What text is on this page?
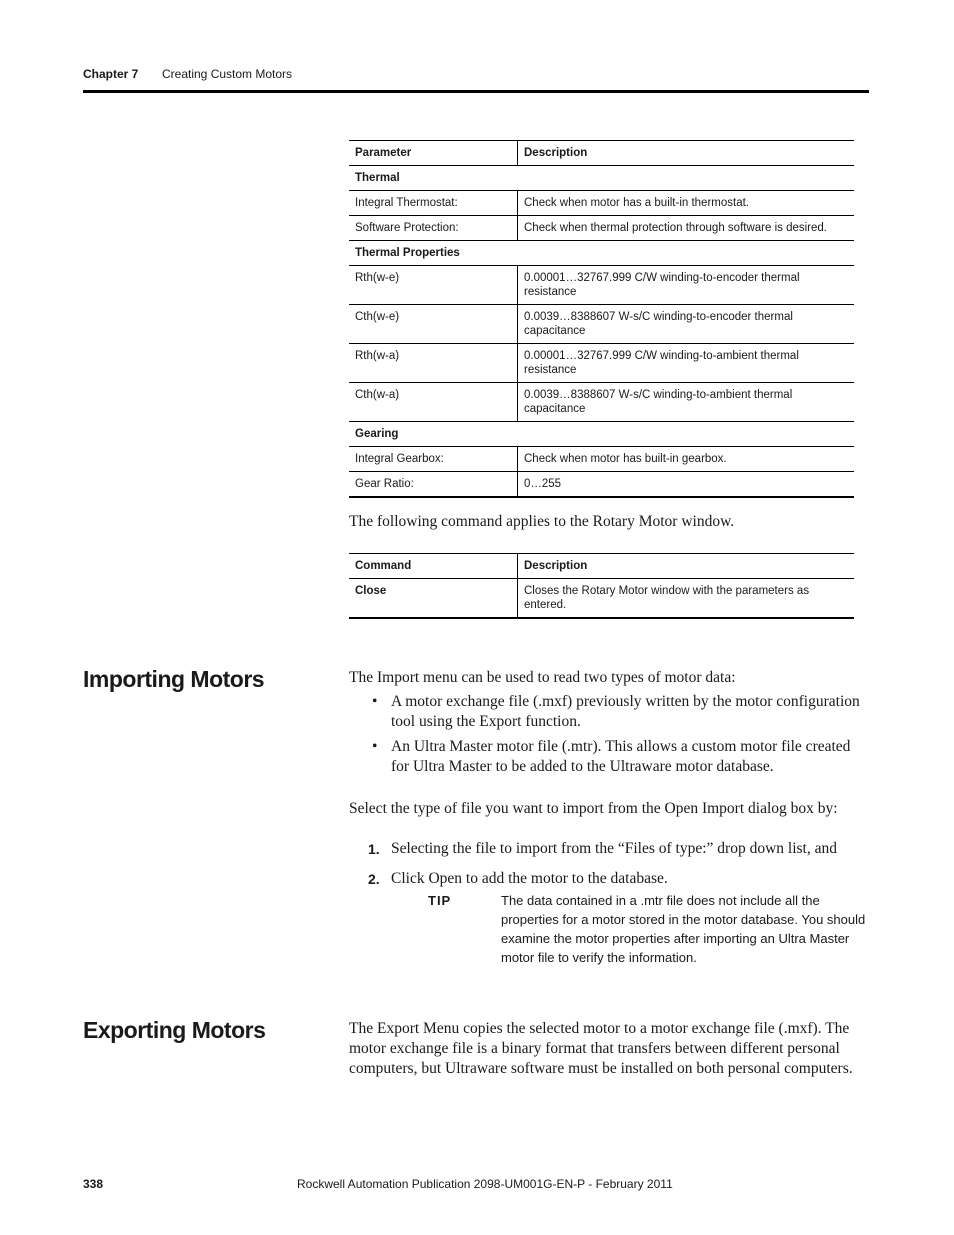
Chapter 7 Creating Custom Motors
Parameter	Description
Thermal	
Integral Thermostat:	Check when motor has a built-in thermostat.
Software Protection:	Check when thermal protection through software is desired.
Thermal Properties	
Rth(w-e)	0.00001…32767.999 C/W winding-to-encoder thermal resistance
Cth(w-e)	0.0039…8388607 W-s/C winding-to-encoder thermal capacitance
Rth(w-a)	0.00001…32767.999 C/W winding-to-ambient thermal resistance
Cth(w-a)	0.0039…8388607 W-s/C winding-to-ambient thermal capacitance
Gearing	
Integral Gearbox:	Check when motor has built-in gearbox.
Gear Ratio:	0…255

The following command applies to the Rotary Motor window.

Command	Description
Close	Closes the Rotary Motor window with the parameters as entered.
Importing Motors	The Import menu can be used to read two types of motor data:

• A motor exchange file (.mxf) previously written by the motor configuration tool using the Export function.
• An Ultra Master motor file (.mtr). This allows a custom motor file created for Ultra Master to be added to the Ultraware motor database.

Select the type of file you want to import from the Open Import dialog box by:

1. Selecting the file to import from the “Files of type:” drop down list, and
2. Click Open to add the motor to the database.
TIP	The data contained in a .mtr file does not include all the properties for a motor stored in the motor database. You should examine the motor properties after importing an Ultra Master motor file to verify the information.
Exporting Motors	The Export Menu copies the selected motor to a motor exchange file (.mxf). The motor exchange file is a binary format that transfers between different personal computers, but Ultraware software must be installed on both personal computers.

338	Rockwell Automation Publication 2098-UM001G-EN-P - February 2011
